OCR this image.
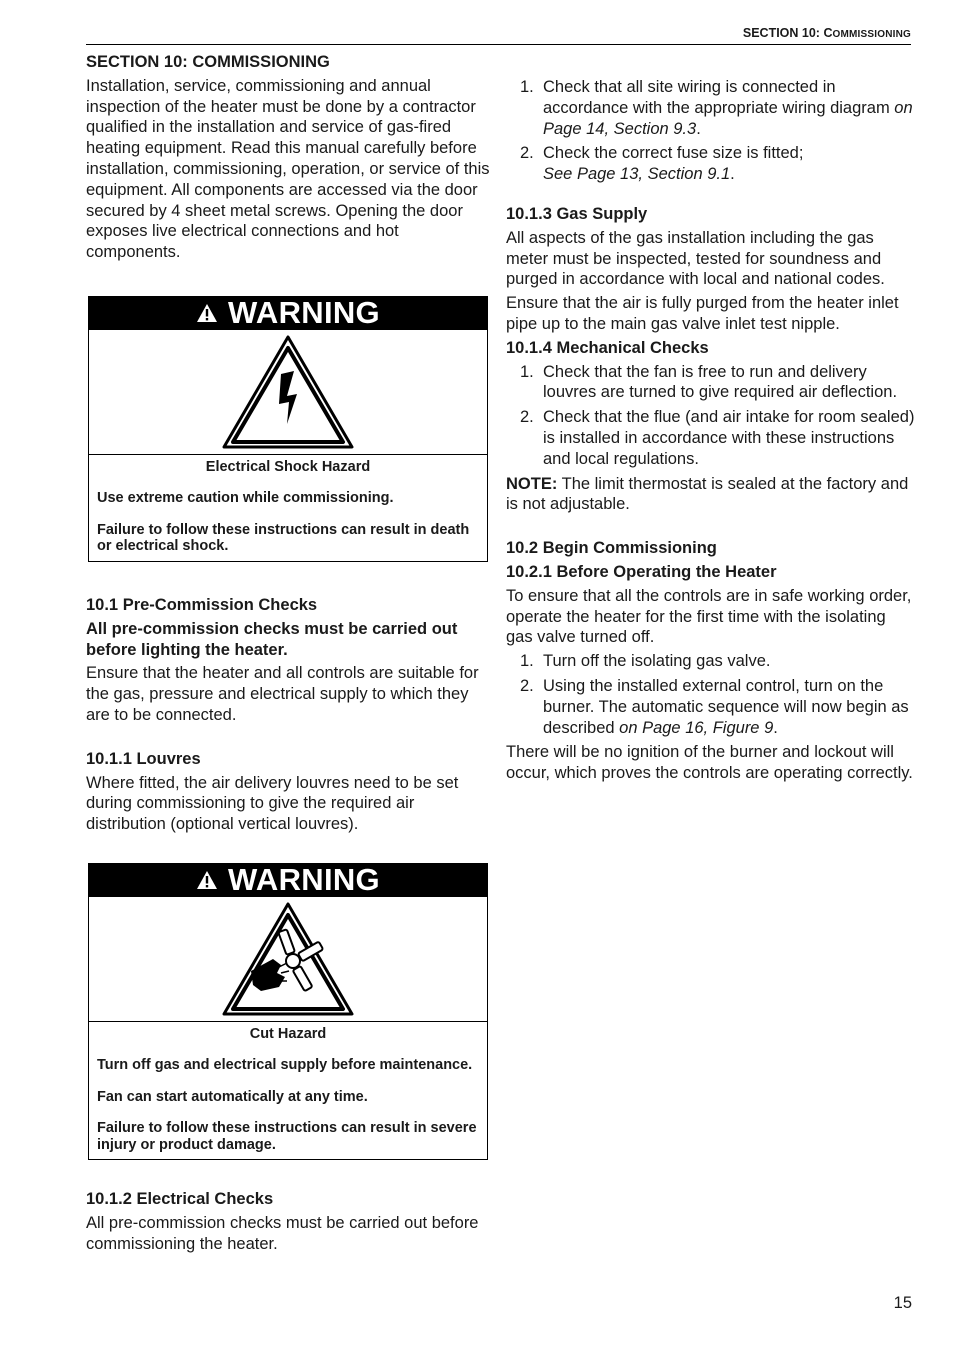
SECTION 10: COMMISSIONING

SECTION 10: COMMISSIONING

Installation, service, commissioning and annual inspection of the heater must be done by a contractor qualified in the installation and service of gas-fired heating equipment. Read this manual carefully before installation, commissioning, operation, or service of this equipment. All components are accessed via the door secured by 4 sheet metal screws. Opening the door exposes live electrical connections and hot components.

WARNING

Electrical Shock Hazard

Use extreme caution while commissioning.

Failure to follow these instructions can result in death or electrical shock.

10.1 Pre-Commission Checks

All pre-commission checks must be carried out before lighting the heater.

Ensure that the heater and all controls are suitable for the gas, pressure and electrical supply to which they are to be connected.

10.1.1 Louvres

Where fitted, the air delivery louvres need to be set during commissioning to give the required air distribution (optional vertical louvres).

WARNING

Cut Hazard

Turn off gas and electrical supply before maintenance.

Fan can start automatically at any time.

Failure to follow these instructions can result in severe injury or product damage.

10.1.2 Electrical Checks

All pre-commission checks must be carried out before commissioning the heater.

1. Check that all site wiring is connected in accordance with the appropriate wiring diagram on Page 14, Section 9.3.
2. Check the correct fuse size is fitted;
See Page 13, Section 9.1.

10.1.3 Gas Supply

All aspects of the gas installation including the gas meter must be inspected, tested for soundness and purged in accordance with local and national codes.

Ensure that the air is fully purged from the heater inlet pipe up to the main gas valve inlet test nipple.

10.1.4 Mechanical Checks

1. Check that the fan is free to run and delivery louvres are turned to give required air deflection.
2. Check that the flue (and air intake for room sealed) is installed in accordance with these instructions and local regulations.

NOTE: The limit thermostat is sealed at the factory and is not adjustable.

10.2 Begin Commissioning

10.2.1 Before Operating the Heater

To ensure that all the controls are in safe working order, operate the heater for the first time with the isolating gas valve turned off.

1. Turn off the isolating gas valve.
2. Using the installed external control, turn on the burner. The automatic sequence will now begin as described on Page 16, Figure 9.

There will be no ignition of the burner and lockout will occur, which proves the controls are operating correctly.

15
